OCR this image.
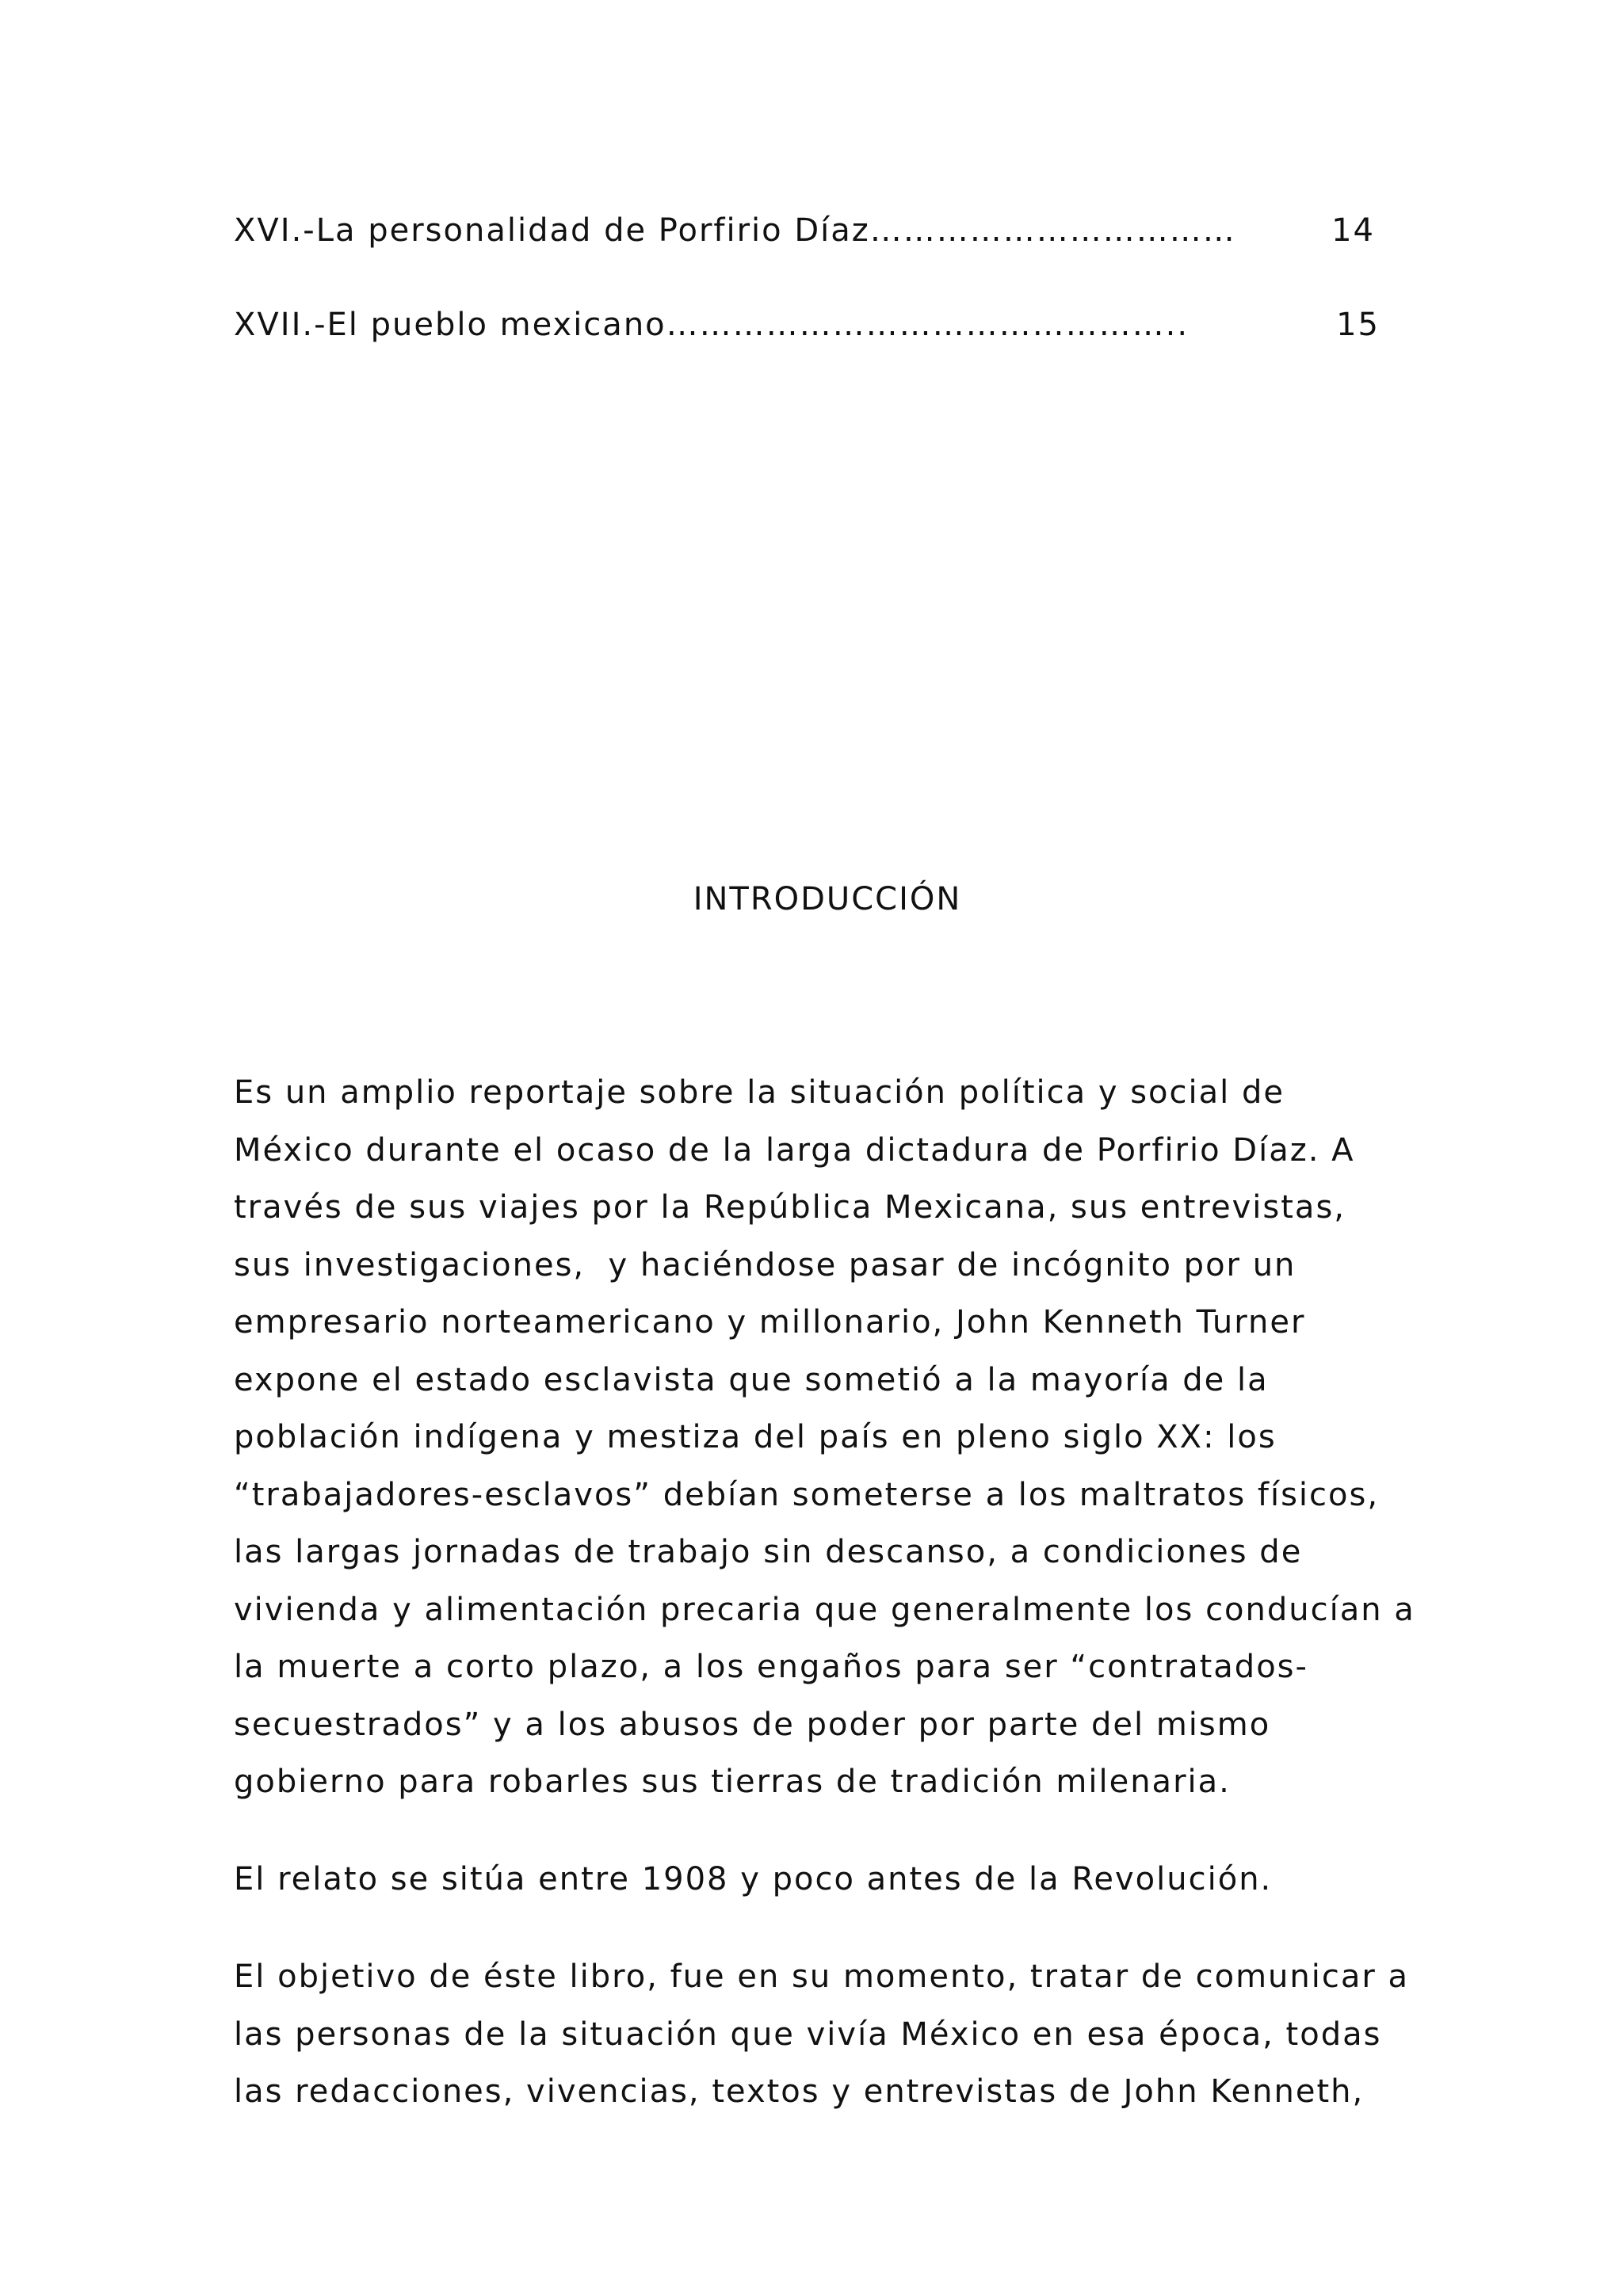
XVI.-La personalidad de Porfirio Díaz……………………………	14
XVII.-El pueblo mexicano………………………………………..	15
INTRODUCCIÓN
Es un amplio reportaje sobre la situación política y social de
México durante el ocaso de la larga dictadura de Porfirio Díaz. A
través de sus viajes por la República Mexicana, sus entrevistas,
sus investigaciones,  y haciéndose pasar de incógnito por un
empresario norteamericano y millonario, John Kenneth Turner
expone el estado esclavista que sometió a la mayoría de la
población indígena y mestiza del país en pleno siglo XX: los
“trabajadores-esclavos” debían someterse a los maltratos físicos,
las largas jornadas de trabajo sin descanso, a condiciones de
vivienda y alimentación precaria que generalmente los conducían a
la muerte a corto plazo, a los engaños para ser “contratados-
secuestrados” y a los abusos de poder por parte del mismo
gobierno para robarles sus tierras de tradición milenaria.
El relato se sitúa entre 1908 y poco antes de la Revolución.
El objetivo de éste libro, fue en su momento, tratar de comunicar a
las personas de la situación que vivía México en esa época, todas
las redacciones, vivencias, textos y entrevistas de John Kenneth,
